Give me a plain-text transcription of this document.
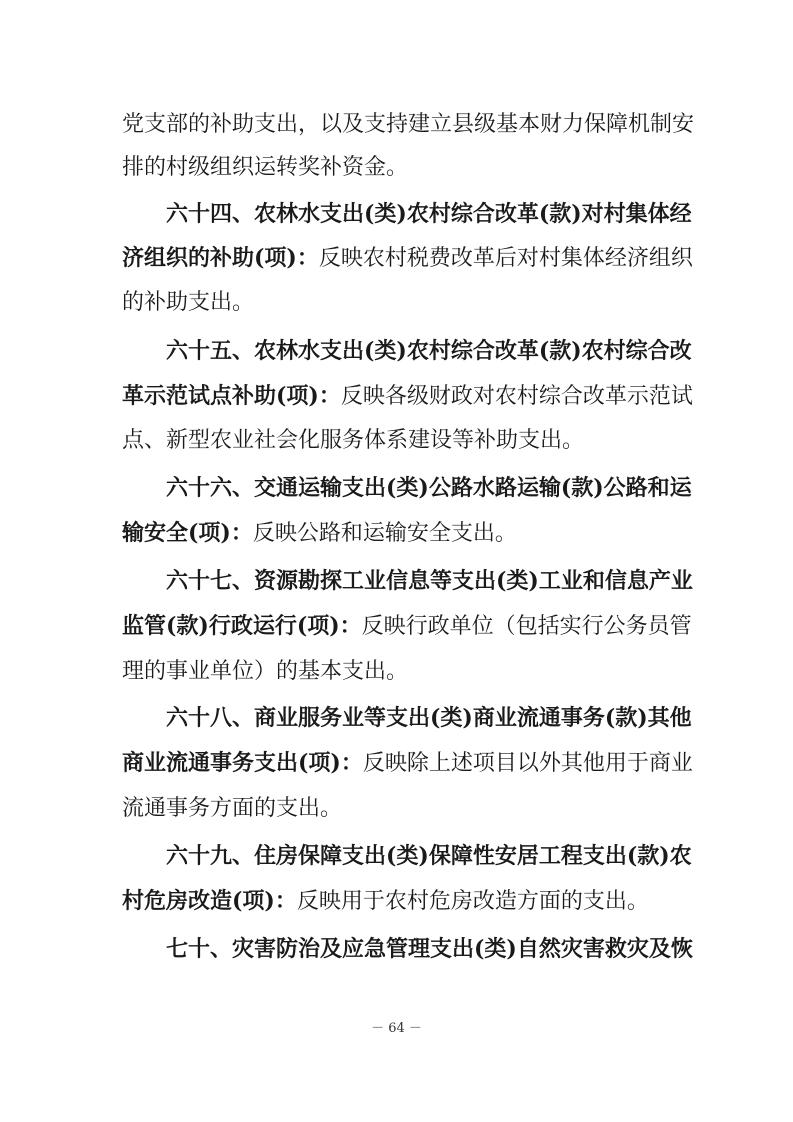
党支部的补助支出，以及支持建立县级基本财力保障机制安
排的村级组织运转奖补资金。
六十四、农林水支出(类)农村综合改革(款)对村集体经
济组织的补助(项)：反映农村税费改革后对村集体经济组织
的补助支出。
六十五、农林水支出(类)农村综合改革(款)农村综合改
革示范试点补助(项)：反映各级财政对农村综合改革示范试
点、新型农业社会化服务体系建设等补助支出。
六十六、交通运输支出(类)公路水路运输(款)公路和运
输安全(项)：反映公路和运输安全支出。
六十七、资源勘探工业信息等支出(类)工业和信息产业
监管(款)行政运行(项)：反映行政单位（包括实行公务员管
理的事业单位）的基本支出。
六十八、商业服务业等支出(类)商业流通事务(款)其他
商业流通事务支出(项)：反映除上述项目以外其他用于商业
流通事务方面的支出。
六十九、住房保障支出(类)保障性安居工程支出(款)农
村危房改造(项)：反映用于农村危房改造方面的支出。
七十、灾害防治及应急管理支出(类)自然灾害救灾及恢
－ 64 －
